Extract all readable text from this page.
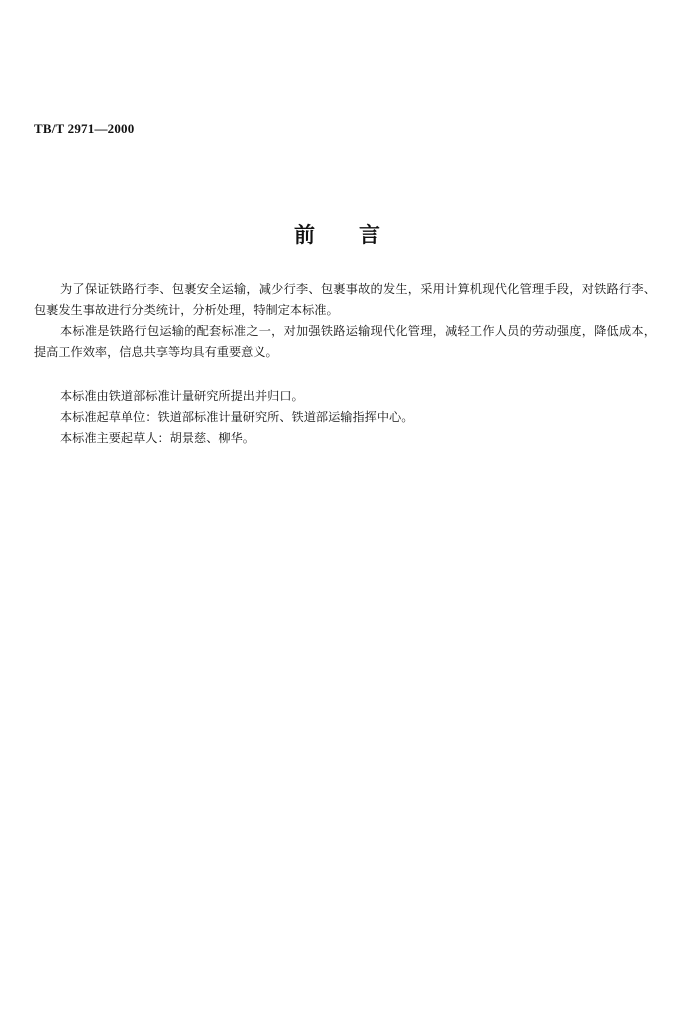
TB/T 2971—2000
前言

为了保证铁路行李、包裹安全运输，减少行李、包裹事故的发生，采用计算机现代化管理手段，对铁路行李、包裹发生事故进行分类统计，分析处理，特制定本标准。

本标准是铁路行包运输的配套标准之一，对加强铁路运输现代化管理，减轻工作人员的劳动强度，降低成本，提高工作效率，信息共享等均具有重要意义。

本标准由铁道部标准计量研究所提出并归口。

本标准起草单位：铁道部标准计量研究所、铁道部运输指挥中心。

本标准主要起草人：胡景慈、柳华。
